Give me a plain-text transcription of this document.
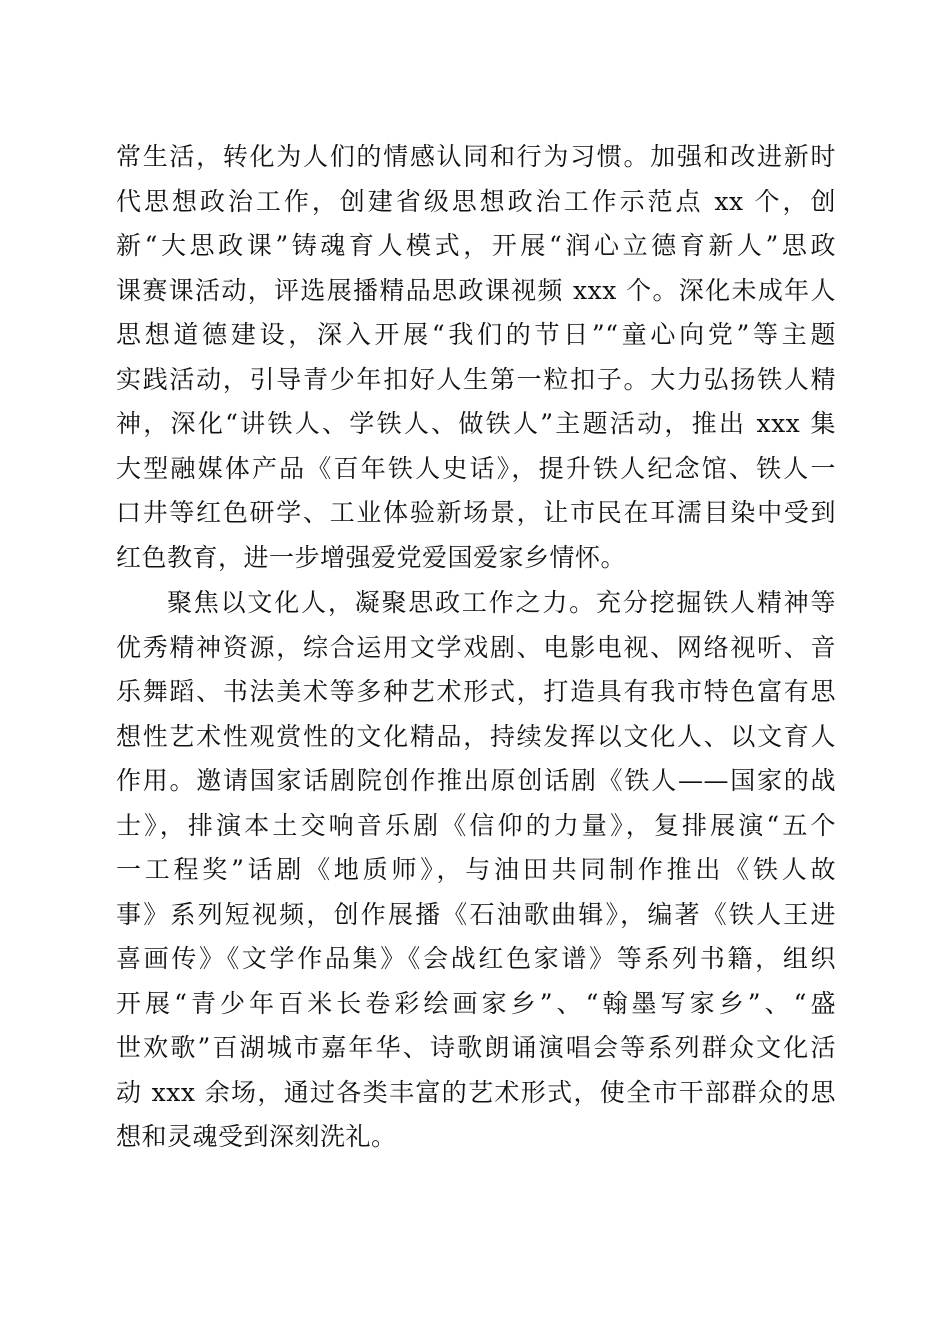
常生活，转化为人们的情感认同和行为习惯。加强和改进新时
代思想政治工作，创建省级思想政治工作示范点 xx 个，创
新“大思政课”铸魂育人模式，开展“润心立德育新人”思政
课赛课活动，评选展播精品思政课视频 xxx 个。深化未成年人
思想道德建设，深入开展“我们的节日”“童心向党”等主题
实践活动，引导青少年扣好人生第一粒扣子。大力弘扬铁人精
神，深化“讲铁人、学铁人、做铁人”主题活动，推出 xxx 集
大型融媒体产品《百年铁人史话》，提升铁人纪念馆、铁人一
口井等红色研学、工业体验新场景，让市民在耳濡目染中受到
红色教育，进一步增强爱党爱国爱家乡情怀。
聚焦以文化人，凝聚思政工作之力。充分挖掘铁人精神等
优秀精神资源，综合运用文学戏剧、电影电视、网络视听、音
乐舞蹈、书法美术等多种艺术形式，打造具有我市特色富有思
想性艺术性观赏性的文化精品，持续发挥以文化人、以文育人
作用。邀请国家话剧院创作推出原创话剧《铁人——国家的战
士》，排演本土交响音乐剧《信仰的力量》，复排展演“五个
一工程奖”话剧《地质师》，与油田共同制作推出《铁人故
事》系列短视频，创作展播《石油歌曲辑》，编著《铁人王进
喜画传》《文学作品集》《会战红色家谱》等系列书籍，组织
开展“青少年百米长卷彩绘画家乡”、“翰墨写家乡”、“盛
世欢歌”百湖城市嘉年华、诗歌朗诵演唱会等系列群众文化活
动 xxx 余场，通过各类丰富的艺术形式，使全市干部群众的思
想和灵魂受到深刻洗礼。
